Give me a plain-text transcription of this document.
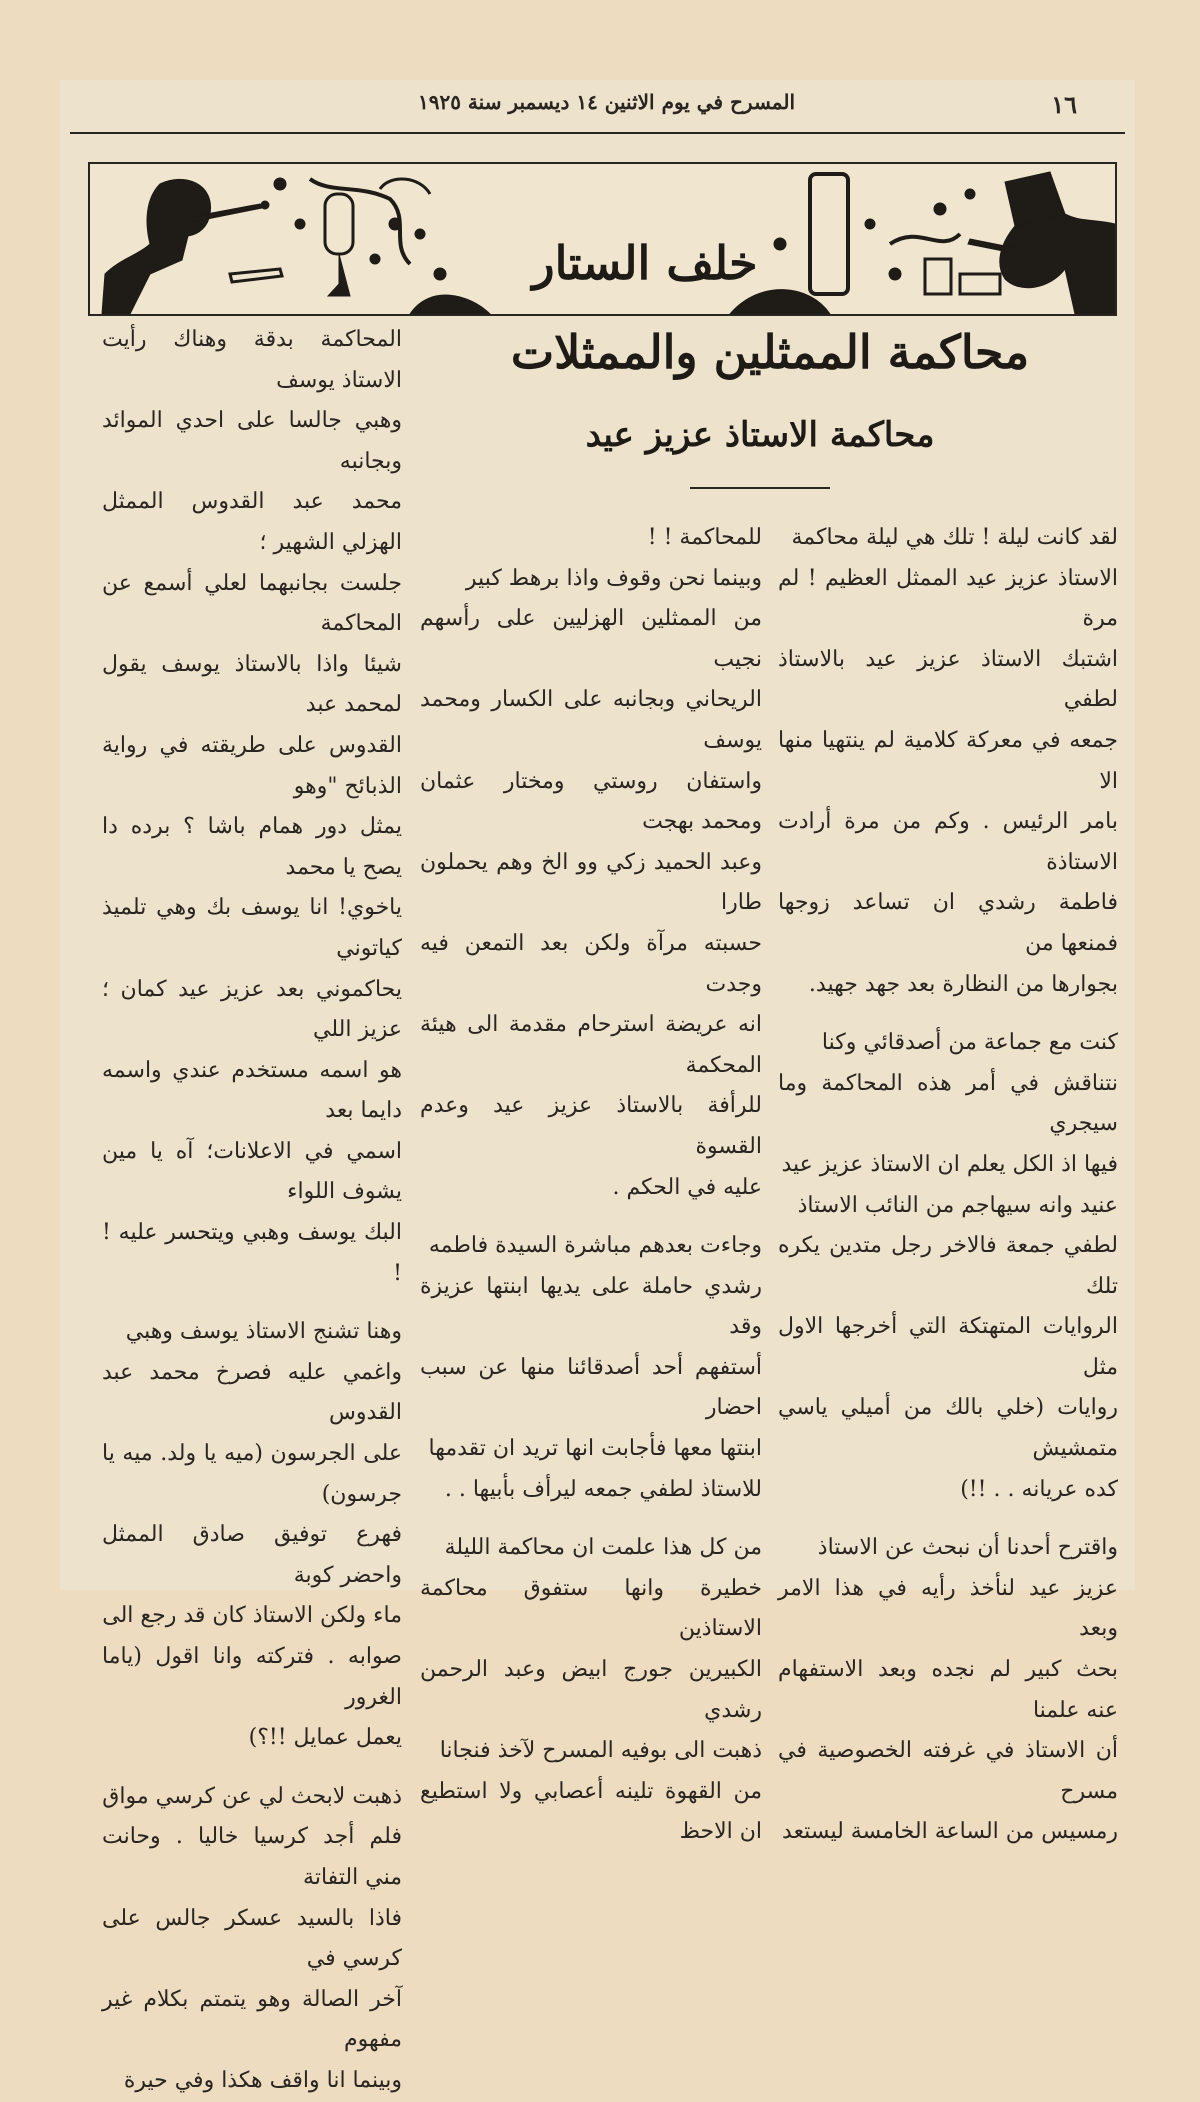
١٦
المسرح في يوم الاثنين ١٤ ديسمبر سنة ١٩٢٥
خلف الستار
محاكمة الممثلين والممثلات
محاكمة الاستاذ عزيز عيد

لقد كانت ليلة ! تلك هي ليلة محاكمة

الاستاذ عزيز عيد الممثل العظيم ! لم مرة

اشتبك الاستاذ عزيز عيد بالاستاذ لطفي

جمعه في معركة كلامية لم ينتهيا منها الا

بامر الرئيس . وكم من مرة أرادت الاستاذة

فاطمة رشدي ان تساعد زوجها فمنعها من

بجوارها من النظارة بعد جهد جهيد.

كنت مع جماعة من أصدقائي وكنا

نتناقش في أمر هذه المحاكمة وما سيجري

فيها اذ الكل يعلم ان الاستاذ عزيز عيد

عنيد وانه سيهاجم من النائب الاستاذ

لطفي جمعة فالاخر رجل متدين يكره تلك

الروايات المتهتكة التي أخرجها الاول مثل

روايات (خلي بالك من أميلي ياسي متمشيش

كده عريانه . . !!)

واقترح أحدنا أن نبحث عن الاستاذ

عزيز عيد لنأخذ رأيه في هذا الامر وبعد

بحث كبير لم نجده وبعد الاستفهام عنه علمنا

أن الاستاذ في غرفته الخصوصية في مسرح

رمسيس من الساعة الخامسة ليستعد

للمحاكمة ! !

وبينما نحن وقوف واذا برهط كبير

من الممثلين الهزليين على رأسهم نجيب

الريحاني وبجانبه على الكسار ومحمد يوسف

واستفان روستي ومختار عثمان ومحمد بهجت

وعبد الحميد زكي وو الخ وهم يحملون طارا

حسبته مرآة ولكن بعد التمعن فيه وجدت

انه عريضة استرحام مقدمة الى هيئة المحكمة

للرأفة بالاستاذ عزيز عيد وعدم القسوة

عليه في الحكم .

وجاءت بعدهم مباشرة السيدة فاطمه

رشدي حاملة على يديها ابنتها عزيزة وقد

أستفهم أحد أصدقائنا منها عن سبب احضار

ابنتها معها فأجابت انها تريد ان تقدمها

للاستاذ لطفي جمعه ليرأف بأبيها . .

من كل هذا علمت ان محاكمة الليلة

خطيرة وانها ستفوق محاكمة الاستاذين

الكبيرين جورج ابيض وعبد الرحمن رشدي

ذهبت الى بوفيه المسرح لآخذ فنجانا

من القهوة تلينه أعصابي ولا استطيع ان الاحظ

المحاكمة بدقة وهناك رأيت الاستاذ يوسف

وهبي جالسا على احدي الموائد وبجانبه

محمد عبد القدوس الممثل الهزلي الشهير ؛

جلست بجانبهما لعلي أسمع عن المحاكمة

شيئا واذا بالاستاذ يوسف يقول لمحمد عبد

القدوس على طريقته في رواية الذبائح "وهو

يمثل دور همام باشا ؟ برده دا يصح يا محمد

ياخوي! انا يوسف بك وهي تلميذ كياتوني

يحاكموني بعد عزيز عيد كمان ؛ عزيز اللي

هو اسمه مستخدم عندي واسمه دايما بعد

اسمي في الاعلانات؛ آه يا مين يشوف اللواء

البك يوسف وهبي ويتحسر عليه ! !

وهنا تشنج الاستاذ يوسف وهبي

واغمي عليه فصرخ محمد عبد القدوس

على الجرسون (ميه يا ولد. ميه يا جرسون)

فهرع توفيق صادق الممثل واحضر كوبة

ماء ولكن الاستاذ كان قد رجع الى

صوابه . فتركته وانا اقول (ياما الغرور

يعمل عمايل !!؟)

ذهبت لابحث لي عن كرسي مواق

فلم أجد كرسيا خاليا . وحانت مني التفاتة

فاذا بالسيد عسكر جالس على كرسي في

آخر الصالة وهو يتمتم بكلام غير مفهوم

وبينما انا واقف هكذا وفي حيرة
